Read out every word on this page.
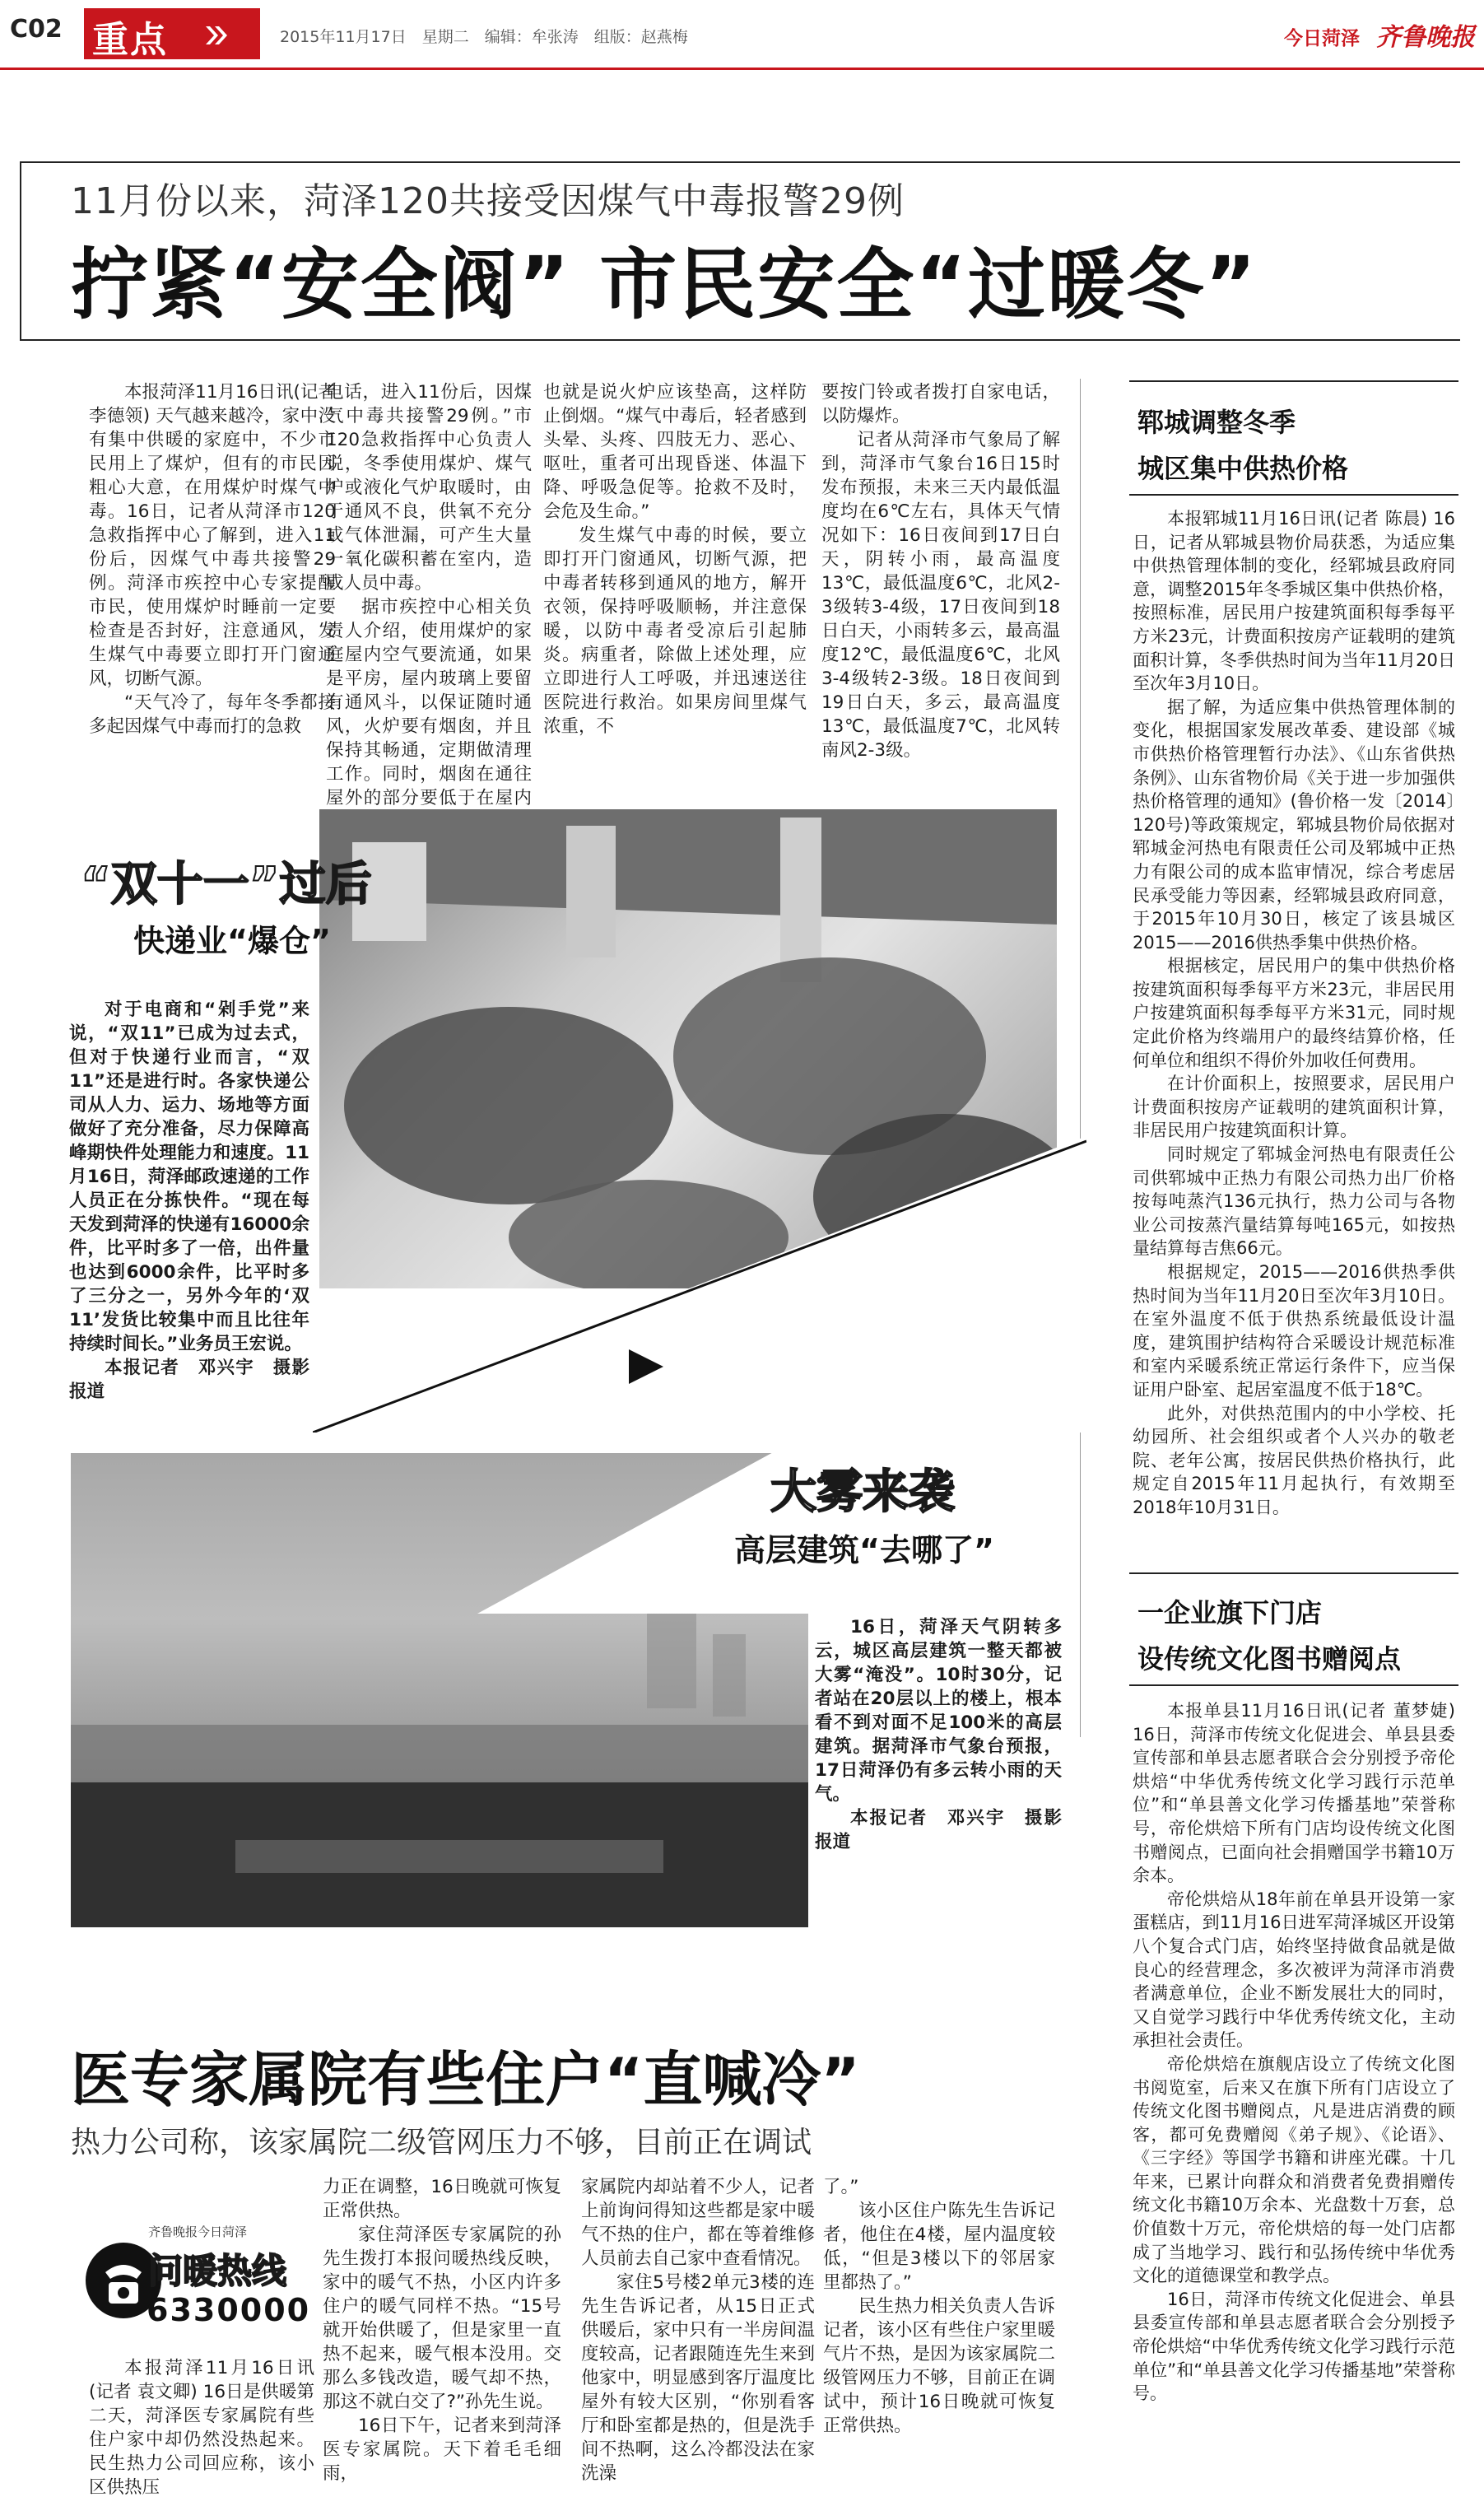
C02 重点	2015年11月17日　星期二　编辑：牟张涛　组版：赵燕梅	今日菏泽 齐鲁晚报
11月份以来，菏泽120共接受因煤气中毒报警29例
拧紧“安全阀” 市民安全“过暖冬”

本报菏泽11月16日讯(记者 李德领) 天气越来越冷，家中没有集中供暖的家庭中，不少市民用上了煤炉，但有的市民因粗心大意，在用煤炉时煤气中毒。16日，记者从菏泽市120急救指挥中心了解到，进入11份后，因煤气中毒共接警29例。菏泽市疾控中心专家提醒市民，使用煤炉时睡前一定要检查是否封好，注意通风，发生煤气中毒要立即打开门窗通风，切断气源。

“天气冷了，每年冬季都接多起因煤气中毒而打的急救

电话，进入11份后，因煤气中毒共接警29例。”市120急救指挥中心负责人说，冬季使用煤炉、煤气炉或液化气炉取暖时，由于通风不良，供氧不充分或气体泄漏，可产生大量一氧化碳积蓄在室内，造成人员中毒。

据市疾控中心相关负责人介绍，使用煤炉的家庭屋内空气要流通，如果是平房，屋内玻璃上要留有通风斗，以保证随时通风，火炉要有烟囱，并且保持其畅通，定期做清理工作。同时，烟囱在通往屋外的部分要低于在屋内

也就是说火炉应该垫高，这样防止倒烟。“煤气中毒后，轻者感到头晕、头疼、四肢无力、恶心、呕吐，重者可出现昏迷、体温下降、呼吸急促等。抢救不及时，会危及生命。”

发生煤气中毒的时候，要立即打开门窗通风，切断气源，把中毒者转移到通风的地方，解开衣领，保持呼吸顺畅，并注意保暖，以防中毒者受凉后引起肺炎。病重者，除做上述处理，应立即进行人工呼吸，并迅速送往医院进行救治。如果房间里煤气浓重，不

要按门铃或者拨打自家电话，以防爆炸。

记者从菏泽市气象局了解到，菏泽市气象台16日15时发布预报，未来三天内最低温度均在6℃左右，具体天气情况如下：16日夜间到17日白天，阴转小雨，最高温度13℃，最低温度6℃，北风2-3级转3-4级，17日夜间到18日白天，小雨转多云，最高温度12℃，最低温度6℃，北风3-4级转2-3级。18日夜间到19日白天，多云，最高温度13℃，最低温度7℃，北风转南风2-3级。

“双十一”过后
快递业“爆仓”

对于电商和“剁手党”来说，“双11”已成为过去式，但对于快递行业而言，“双11”还是进行时。各家快递公司从人力、运力、场地等方面做好了充分准备，尽力保障高峰期快件处理能力和速度。11月16日，菏泽邮政速递的工作人员正在分拣快件。“现在每天发到菏泽的快递有16000余件，比平时多了一倍，出件量也达到6000余件，比平时多了三分之一，另外今年的‘双11’发货比较集中而且比往年持续时间长。”业务员王宏说。

本报记者　邓兴宇　摄影报道

大雾来袭
高层建筑“去哪了”

16日，菏泽天气阴转多云，城区高层建筑一整天都被大雾“淹没”。10时30分，记者站在20层以上的楼上，根本看不到对面不足100米的高层建筑。据菏泽市气象台预报，17日菏泽仍有多云转小雨的天气。

本报记者　邓兴宇　摄影报道

郓城调整冬季
城区集中供热价格

本报郓城11月16日讯(记者 陈晨) 16日，记者从郓城县物价局获悉，为适应集中供热管理体制的变化，经郓城县政府同意，调整2015年冬季城区集中供热价格，按照标准，居民用户按建筑面积每季每平方米23元，计费面积按房产证载明的建筑面积计算，冬季供热时间为当年11月20日至次年3月10日。

据了解，为适应集中供热管理体制的变化，根据国家发展改革委、建设部《城市供热价格管理暂行办法》、《山东省供热条例》、山东省物价局《关于进一步加强供热价格管理的通知》(鲁价格一发〔2014〕120号)等政策规定，郓城县物价局依据对郓城金河热电有限责任公司及郓城中正热力有限公司的成本监审情况，综合考虑居民承受能力等因素，经郓城县政府同意，于2015年10月30日，核定了该县城区2015——2016供热季集中供热价格。

根据核定，居民用户的集中供热价格按建筑面积每季每平方米23元，非居民用户按建筑面积每季每平方米31元，同时规定此价格为终端用户的最终结算价格，任何单位和组织不得价外加收任何费用。

在计价面积上，按照要求，居民用户计费面积按房产证载明的建筑面积计算，非居民用户按建筑面积计算。

同时规定了郓城金河热电有限责任公司供郓城中正热力有限公司热力出厂价格按每吨蒸汽136元执行，热力公司与各物业公司按蒸汽量结算每吨165元，如按热量结算每吉焦66元。

根据规定，2015——2016供热季供热时间为当年11月20日至次年3月10日。在室外温度不低于供热系统最低设计温度，建筑围护结构符合采暖设计规范标准和室内采暖系统正常运行条件下，应当保证用户卧室、起居室温度不低于18℃。

此外，对供热范围内的中小学校、托幼园所、社会组织或者个人兴办的敬老院、老年公寓，按居民供热价格执行，此规定自2015年11月起执行，有效期至2018年10月31日。

一企业旗下门店
设传统文化图书赠阅点

本报单县11月16日讯(记者 董梦婕) 16日，菏泽市传统文化促进会、单县县委宣传部和单县志愿者联合会分别授予帝伦烘焙“中华优秀传统文化学习践行示范单位”和“单县善文化学习传播基地”荣誉称号，帝伦烘焙下所有门店均设传统文化图书赠阅点，已面向社会捐赠国学书籍10万余本。

帝伦烘焙从18年前在单县开设第一家蛋糕店，到11月16日进军菏泽城区开设第八个复合式门店，始终坚持做食品就是做良心的经营理念，多次被评为菏泽市消费者满意单位，企业不断发展壮大的同时，又自觉学习践行中华优秀传统文化，主动承担社会责任。

帝伦烘焙在旗舰店设立了传统文化图书阅览室，后来又在旗下所有门店设立了传统文化图书赠阅点，凡是进店消费的顾客，都可免费赠阅《弟子规》、《论语》、《三字经》等国学书籍和讲座光碟。十几年来，已累计向群众和消费者免费捐赠传统文化书籍10万余本、光盘数十万套，总价值数十万元，帝伦烘焙的每一处门店都成了当地学习、践行和弘扬传统中华优秀文化的道德课堂和教学点。

16日，菏泽市传统文化促进会、单县县委宣传部和单县志愿者联合会分别授予帝伦烘焙“中华优秀传统文化学习践行示范单位”和“单县善文化学习传播基地”荣誉称号。

医专家属院有些住户“直喊冷”
热力公司称，该家属院二级管网压力不够，目前正在调试
齐鲁晚报今日菏泽
问暖热线
6330000

本报菏泽11月16日讯(记者 袁文卿) 16日是供暖第二天，菏泽医专家属院有些住户家中却仍然没热起来。民生热力公司回应称，该小区供热压

力正在调整，16日晚就可恢复正常供热。

家住菏泽医专家属院的孙先生拨打本报问暖热线反映，家中的暖气不热，小区内许多住户的暖气同样不热。“15号就开始供暖了，但是家里一直热不起来，暖气根本没用。交那么多钱改造，暖气却不热，那这不就白交了?”孙先生说。

16日下午，记者来到菏泽医专家属院。天下着毛毛细雨，

家属院内却站着不少人，记者上前询问得知这些都是家中暖气不热的住户，都在等着维修人员前去自己家中查看情况。

家住5号楼2单元3楼的连先生告诉记者，从15日正式供暖后，家中只有一半房间温度较高，记者跟随连先生来到他家中，明显感到客厅温度比屋外有较大区别，“你别看客厅和卧室都是热的，但是洗手间不热啊，这么冷都没法在家洗澡

了。”

该小区住户陈先生告诉记者，他住在4楼，屋内温度较低，“但是3楼以下的邻居家里都热了。”

民生热力相关负责人告诉记者，该小区有些住户家里暖气片不热，是因为该家属院二级管网压力不够，目前正在调试中，预计16日晚就可恢复正常供热。
